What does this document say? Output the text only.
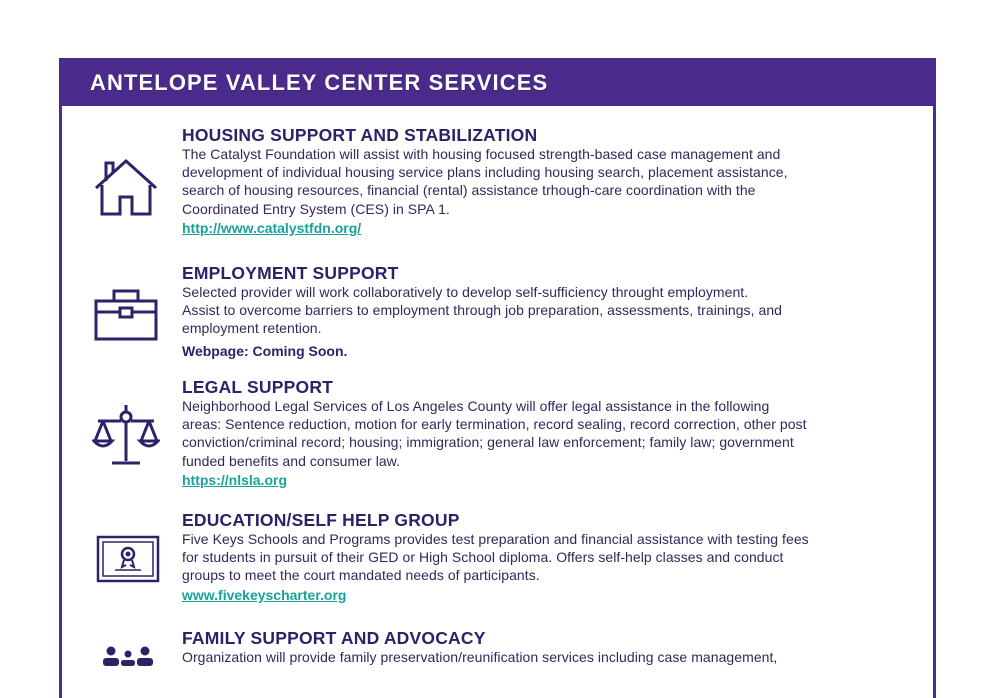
ANTELOPE VALLEY CENTER SERVICES
HOUSING SUPPORT AND STABILIZATION
The Catalyst Foundation will assist with housing focused strength-based case management and
development of individual housing service plans including housing search, placement assistance,
search of housing resources, financial (rental) assistance trhough-care coordination with the
Coordinated Entry System (CES) in SPA 1.
http://www.catalystfdn.org/
EMPLOYMENT SUPPORT
Selected provider will work collaboratively to develop self-sufficiency throught employment.
Assist to overcome barriers to employment through job preparation, assessments, trainings, and
employment retention.
Webpage: Coming Soon.
LEGAL SUPPORT
Neighborhood Legal Services of Los Angeles County will offer legal assistance in the following
areas: Sentence reduction, motion for early termination, record sealing, record correction, other post
conviction/criminal record; housing; immigration; general law enforcement; family law; government
funded benefits and consumer law.
https://nlsla.org
EDUCATION/SELF HELP GROUP
Five Keys Schools and Programs provides test preparation and financial assistance with testing fees
for students in pursuit of their GED or High School diploma. Offers self-help classes and conduct
groups to meet the court mandated needs of participants.
www.fivekeyscharter.org
FAMILY SUPPORT AND ADVOCACY
Organization will provide family preservation/reunification services including case management,
